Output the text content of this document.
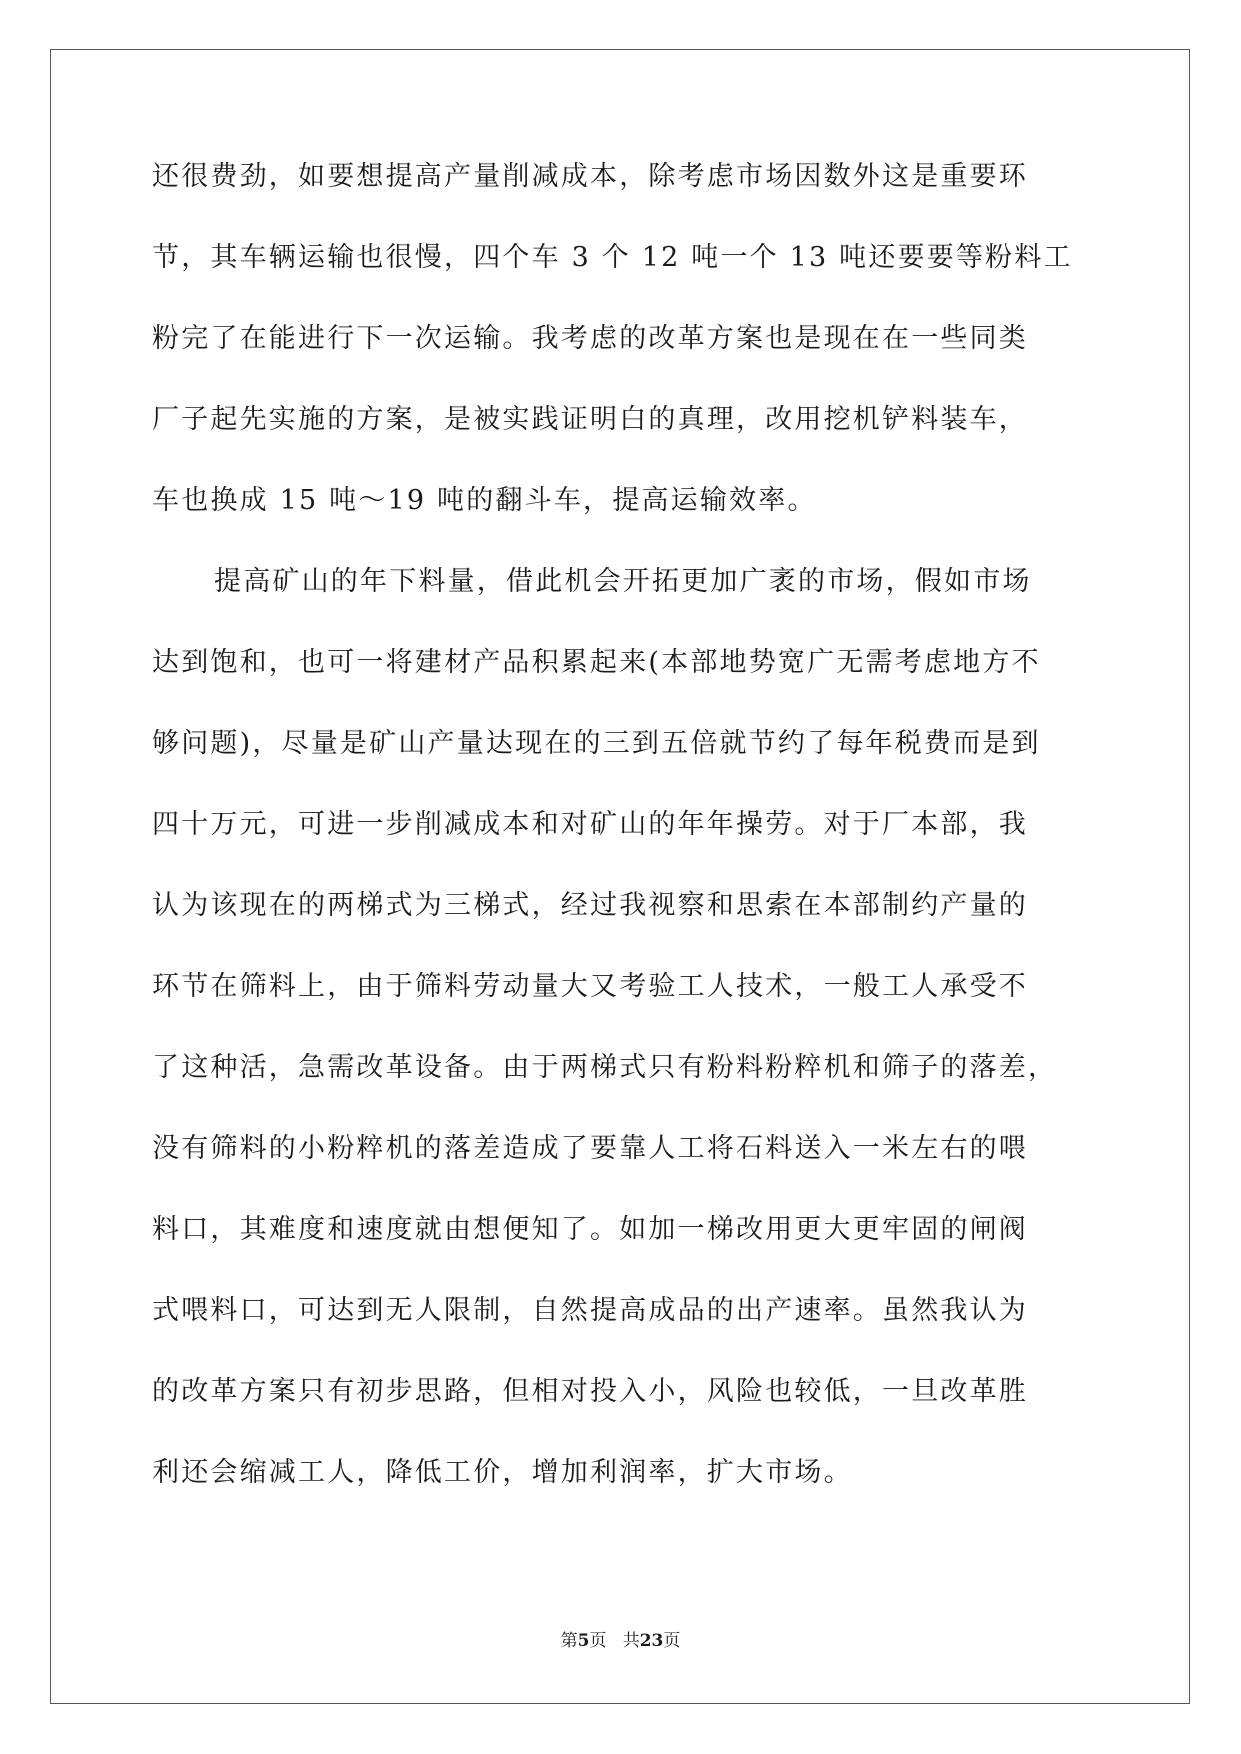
还很费劲，如要想提高产量削减成本，除考虑市场因数外这是重要环
节，其车辆运输也很慢，四个车 3 个 12 吨一个 13 吨还要要等粉料工
粉完了在能进行下一次运输。我考虑的改革方案也是现在在一些同类
厂子起先实施的方案，是被实践证明白的真理，改用挖机铲料装车，
车也换成 15 吨～19 吨的翻斗车，提高运输效率。
提高矿山的年下料量，借此机会开拓更加广袤的市场，假如市场
达到饱和，也可一将建材产品积累起来(本部地势宽广无需考虑地方不
够问题)，尽量是矿山产量达现在的三到五倍就节约了每年税费而是到
四十万元，可进一步削减成本和对矿山的年年操劳。对于厂本部，我
认为该现在的两梯式为三梯式，经过我视察和思索在本部制约产量的
环节在筛料上，由于筛料劳动量大又考验工人技术，一般工人承受不
了这种活，急需改革设备。由于两梯式只有粉料粉粹机和筛子的落差，
没有筛料的小粉粹机的落差造成了要靠人工将石料送入一米左右的喂
料口，其难度和速度就由想便知了。如加一梯改用更大更牢固的闸阀
式喂料口，可达到无人限制，自然提高成品的出产速率。虽然我认为
的改革方案只有初步思路，但相对投入小，风险也较低，一旦改革胜
利还会缩减工人，降低工价，增加利润率，扩大市场。
第5页 共23页
